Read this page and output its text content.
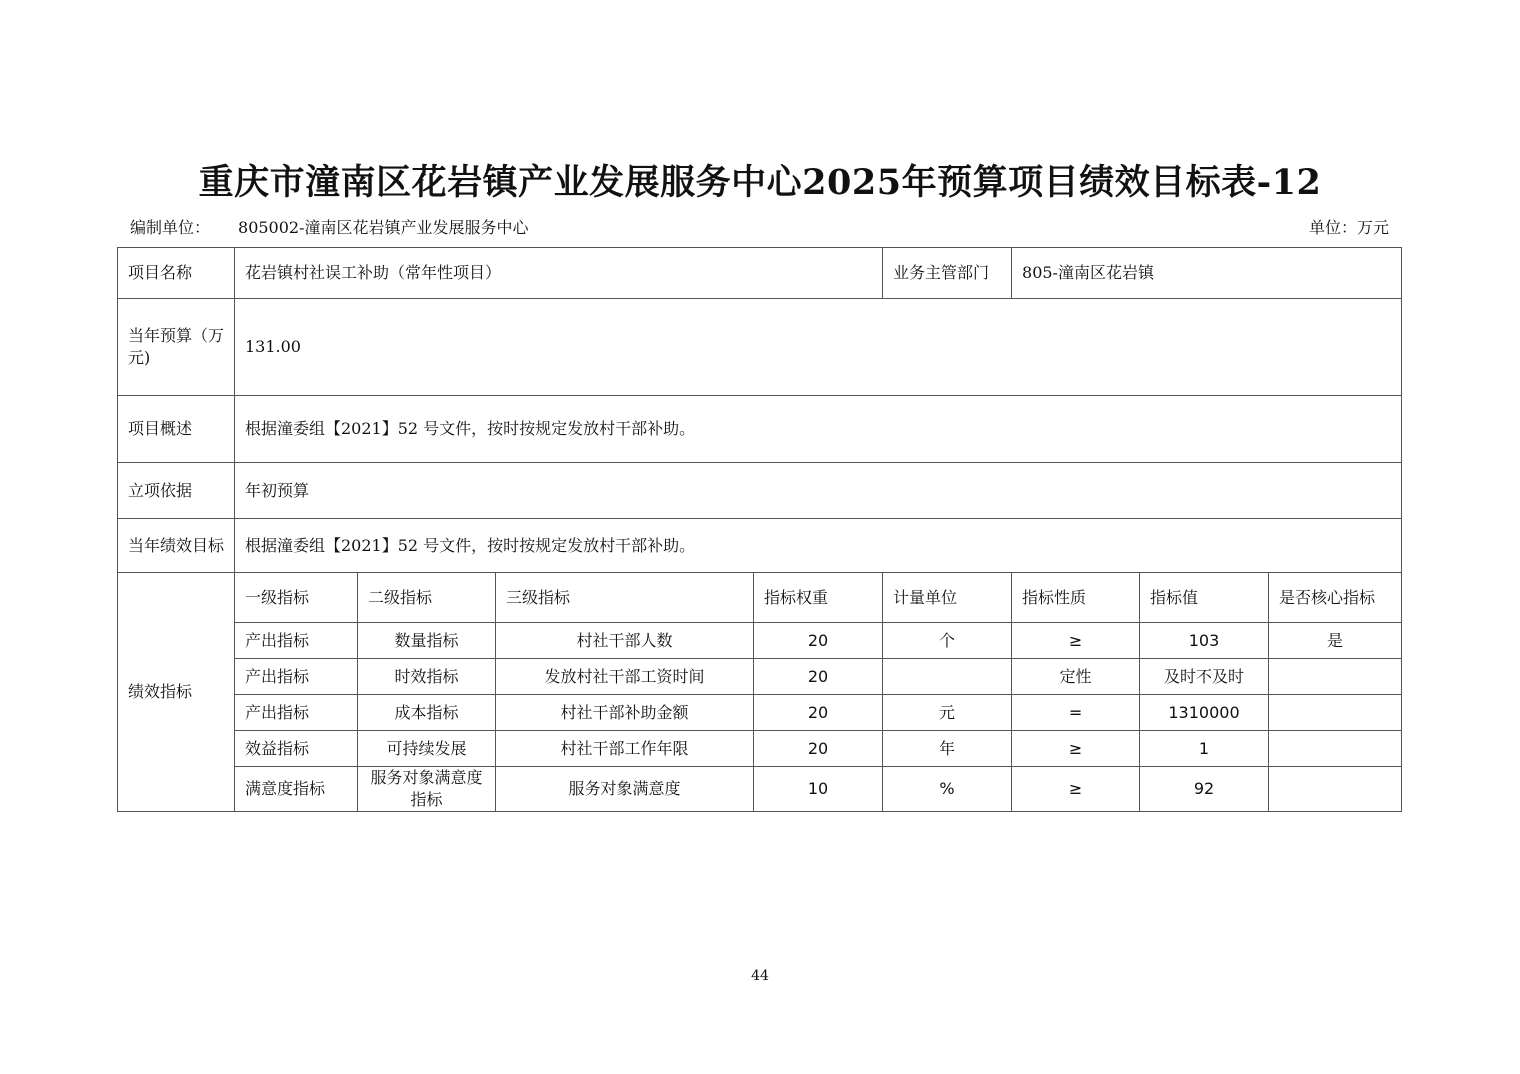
重庆市潼南区花岩镇产业发展服务中心2025年预算项目绩效目标表-12
编制单位： 805002-潼南区花岩镇产业发展服务中心	单位：万元
项目名称	花岩镇村社误工补助（常年性项目）				业务主管部门	805-潼南区花岩镇		
当年预算（万元)	131.00							
项目概述	根据潼委组【2021】52 号文件，按时按规定发放村干部补助。							
立项依据	年初预算							
当年绩效目标	根据潼委组【2021】52 号文件，按时按规定发放村干部补助。							
绩效指标	一级指标	二级指标	三级指标	指标权重	计量单位	指标性质	指标值	是否核心指标
	产出指标	数量指标	村社干部人数	20	个	≥	103	是
	产出指标	时效指标	发放村社干部工资时间	20		定性	及时不及时	
	产出指标	成本指标	村社干部补助金额	20	元	=	1310000	
	效益指标	可持续发展	村社干部工作年限	20	年	≥	1	
	满意度指标	服务对象满意度指标	服务对象满意度	10	%	≥	92	
44
